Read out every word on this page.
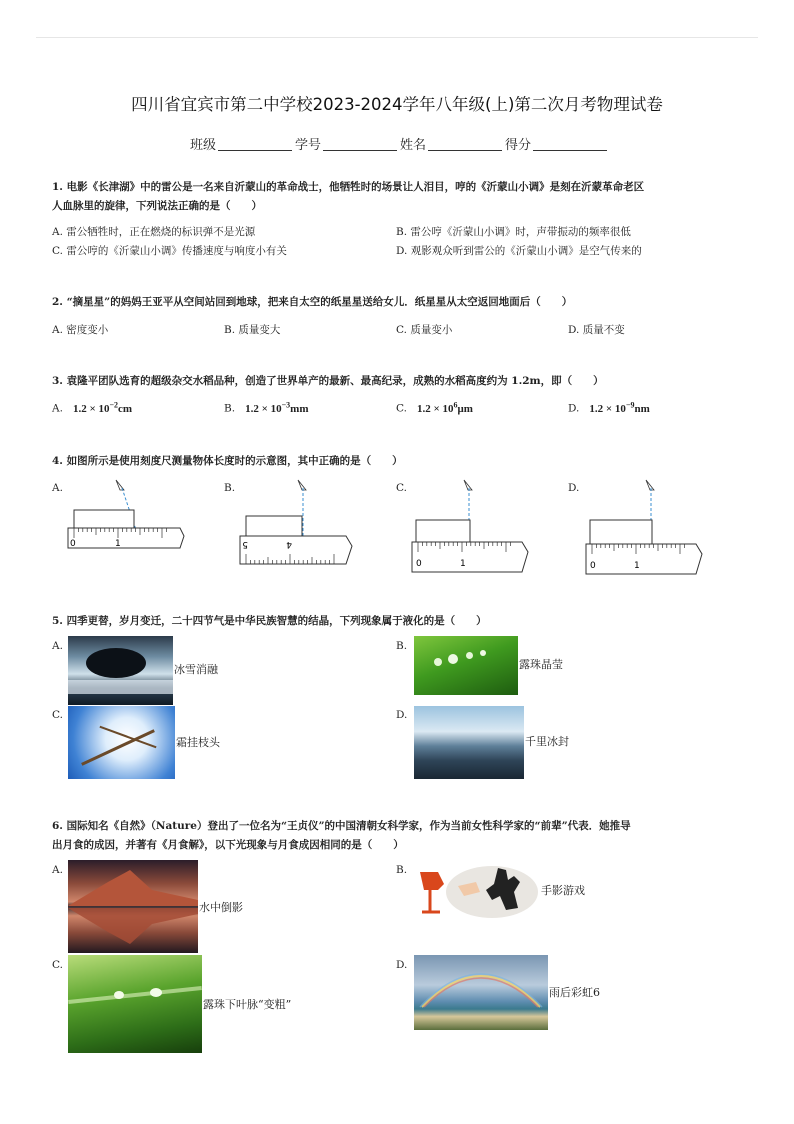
四川省宜宾市第二中学校2023-2024学年八年级(上)第二次月考物理试卷
班级	学号	姓名	得分
1. 电影《长津湖》中的雷公是一名来自沂蒙山的革命战士，他牺牲时的场景让人泪目，哼的《沂蒙山小调》是刻在沂蒙革命老区
人血脉里的旋律，下列说法正确的是（　　）
A. 雷公牺牲时，正在燃烧的标识弹不是光源	B. 雷公哼《沂蒙山小调》时，声带振动的频率很低
C. 雷公哼的《沂蒙山小调》传播速度与响度小有关	D. 观影观众听到雷公的《沂蒙山小调》是空气传来的
2. “摘星星”的妈妈王亚平从空间站回到地球，把来自太空的纸星星送给女儿．纸星星从太空返回地面后（　　）
A. 密度变小	B. 质量变大	C. 质量变小	D. 质量不变
3. 袁隆平团队选育的超级杂交水稻品种，创造了世界单产的最新、最高纪录，成熟的水稻高度约为 1.2m，即（　　）
A. $1.2 \times 10^{-2}cm$	B. $1.2 \times 10^{-3}mm$	C. $1.2 \times 10^6\mu m$	D. $1.2 \times 10^{-9}nm$
4. 如图所示是使用刻度尺测量物体长度时的示意图，其中正确的是（　　）
A.	B.	C.	D.
0	1	5	4
0	1	0	1
5. 四季更替，岁月变迁，二十四节气是中华民族智慧的结晶，下列现象属于液化的是（　　）
A.
冰雪消融
B.
露珠晶莹
C.
霜挂枝头
D.
千里冰封
6. 国际知名《自然》（Nature）登出了一位名为“王贞仪”的中国清朝女科学家，作为当前女性科学家的“前辈”代表．她推导
出月食的成因，并著有《月食解》，以下光现象与月食成因相同的是（　　）
A.
水中倒影
B.
手影游戏
C.
露珠下叶脉“变粗”
D.
雨后彩虹6
